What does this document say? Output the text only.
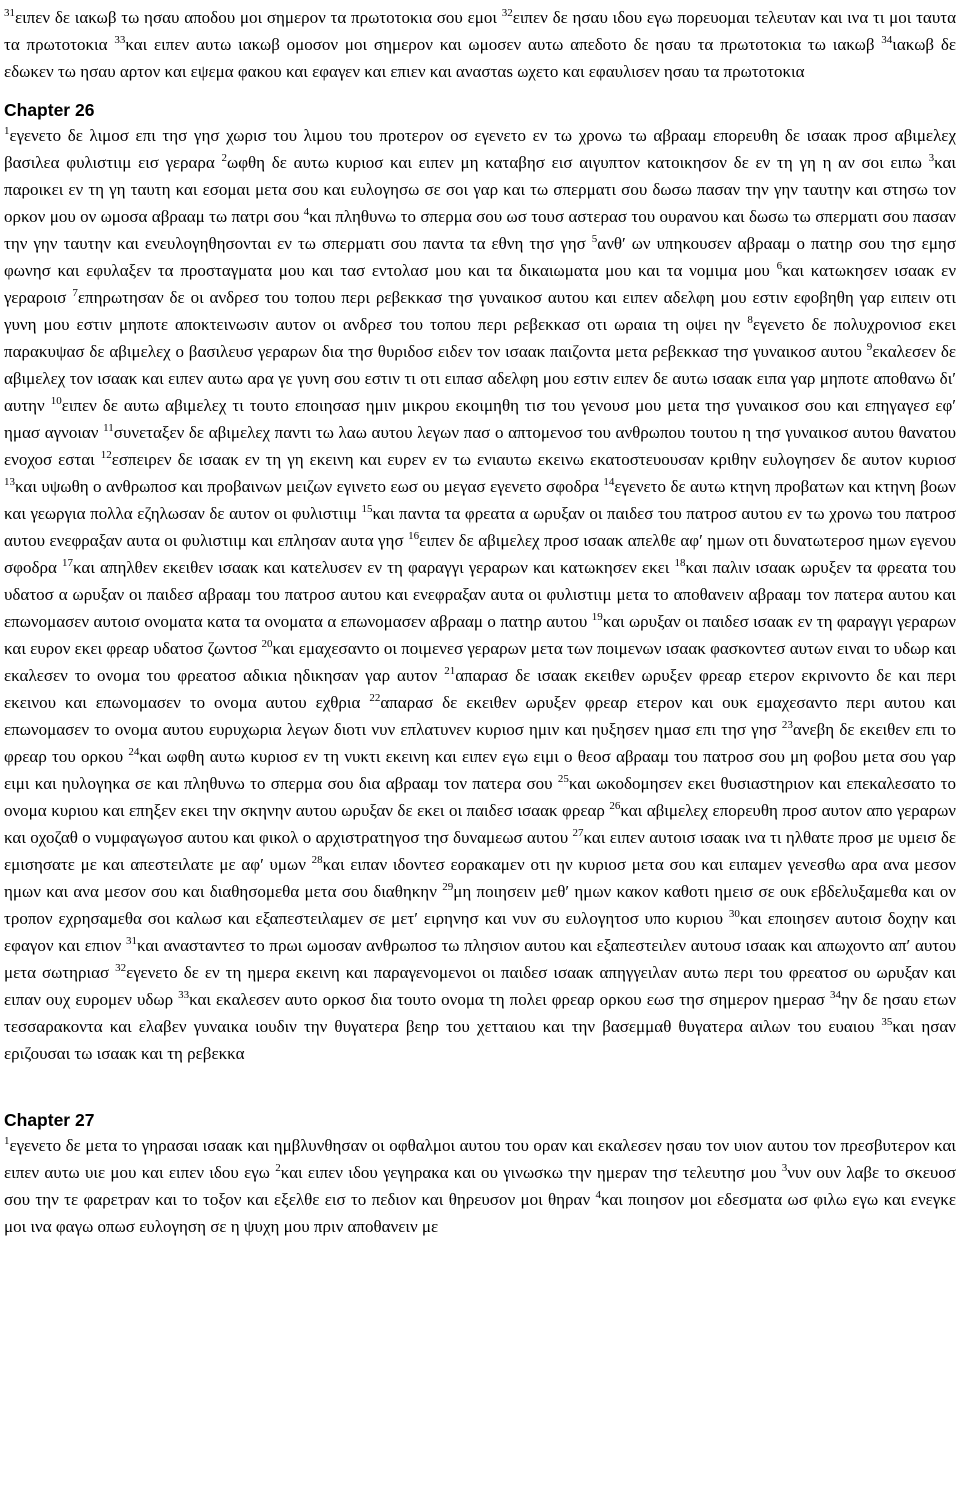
$^{31}$ειπεν δε ιακωβ τω ησαυ αποδου μοι σημερον τα πρωτοτοκια σου εμοι $^{32}$ειπεν δε ησαυ ιδου εγω πορευομαι τελευταν και ινα τι μοι ταυτα τα πρωτοτοκια $^{33}$και ειπεν αυτω ιακωβ ομοσον μοι σημερον και ωμοσεν αυτω απεδοτο δε ησαυ τα πρωτοτοκια τω ιακωβ $^{34}$ιακωβ δε εδωκεν τω ησαυ αρτον και εψεμα φακου και εφαγεν και επιεν και ανασταs ωχετο και εφαυλισεν ησαυ τα πρωτοτοκια

Chapter 26

$^1$εγενετο δε λιμοσ επι τησ γησ χωρισ του λιμου του προτερον οσ εγενετο εν τω χρονω τω αβρααμ επορευθη δε ισαακ προσ αβιμελεχ βασιλεα φυλιστιιμ εισ γεραρα $^2$ωφθη δε αυτω κυριοσ και ειπεν μη καταβησ εισ αιγυπτον κατοικησον δε εν τη γη η αν σοι ειπω $^3$και παροικει εν τη γη ταυτη και εσομαι μετα σου και ευλογησω σε σοι γαρ και τω σπερματι σου δωσω πασαν την γην ταυτην και στησω τον ορκον μου ον ωμοσα αβρααμ τω πατρι σου $^4$και πληθυνω το σπερμα σου ωσ τουσ αστερασ του ουρανου και δωσω τω σπερματι σου πασαν την γην ταυτην και ενευλογηθησονται εν τω σπερματι σου παντα τα εθνη τησ γησ $^5$ανθ′ ων υπηκουσεν αβρααμ ο πατηρ σου τησ εμησ φωνησ και εφυλαξεν τα προσταγματα μου και τασ εντολασ μου και τα δικαιωματα μου και τα νομιμα μου $^6$και κατωκησεν ισαακ εν γεραροισ $^7$επηρωτησαν δε οι ανδρεσ του τοπου περι ρεβεκκασ τησ γυναικοσ αυτου και ειπεν αδελφη μου εστιν εφοβηθη γαρ ειπειν οτι γυνη μου εστιν μηποτε αποκτεινωσιν αυτον οι ανδρεσ του τοπου περι ρεβεκκασ οτι ωραια τη οψει ην $^8$εγενετο δε πολυχρονιοσ εκει παρακυψασ δε αβιμελεχ ο βασιλευσ γεραρων δια τησ θυριδοσ ειδεν τον ισαακ παιζοντα μετα ρεβεκκασ τησ γυναικοσ αυτου $^9$εκαλεσεν δε αβιμελεχ τον ισαακ και ειπεν αυτω αρα γε γυνη σου εστιν τι οτι ειπασ αδελφη μου εστιν ειπεν δε αυτω ισαακ ειπα γαρ μηποτε αποθανω δι′ αυτην $^{10}$ειπεν δε αυτω αβιμελεχ τι τουτο εποιησασ ημιν μικρου εκοιμηθη τισ του γενουσ μου μετα τησ γυναικοσ σου και επηγαγεσ εφ′ ημασ αγνοιαν $^{11}$συνεταξεν δε αβιμελεχ παντι τω λαω αυτου λεγων πασ ο απτομενοσ του ανθρωπου τουτου η τησ γυναικοσ αυτου θανατου ενοχοσ εσται $^{12}$εσπειρεν δε ισαακ εν τη γη εκεινη και ευρεν εν τω ενιαυτω εκεινω εκατοστευουσαν κριθην ευλογησεν δε αυτον κυριοσ $^{13}$και υψωθη ο ανθρωποσ και προβαινων μειζων εγινετο εωσ ου μεγασ εγενετο σφοδρα $^{14}$εγενετο δε αυτω κτηνη προβατων και κτηνη βοων και γεωργια πολλα εζηλωσαν δε αυτον οι φυλιστιιμ $^{15}$και παντα τα φρεατα α ωρυξαν οι παιδεσ του πατροσ αυτου εν τω χρονω του πατροσ αυτου ενεφραξαν αυτα οι φυλιστιιμ και επλησαν αυτα γησ $^{16}$ειπεν δε αβιμελεχ προσ ισαακ απελθε αφ′ ημων οτι δυνατωτεροσ ημων εγενου σφοδρα $^{17}$και απηλθεν εκειθεν ισαακ και κατελυσεν εν τη φαραγγι γεραρων και κατωκησεν εκει $^{18}$και παλιν ισαακ ωρυξεν τα φρεατα του υδατοσ α ωρυξαν οι παιδεσ αβρααμ του πατροσ αυτου και ενεφραξαν αυτα οι φυλιστιιμ μετα το αποθανειν αβρααμ τον πατερα αυτου και επωνομασεν αυτοισ ονοματα κατα τα ονοματα α επωνομασεν αβρααμ ο πατηρ αυτου $^{19}$και ωρυξαν οι παιδεσ ισαακ εν τη φαραγγι γεραρων και ευρον εκει φρεαρ υδατοσ ζωντοσ $^{20}$και εμαχεσαντο οι ποιμενεσ γεραρων μετα των ποιμενων ισαακ φασκοντεσ αυτων ειναι το υδωρ και εκαλεσεν το ονομα του φρεατοσ αδικια ηδικησαν γαρ αυτον $^{21}$απαρασ δε ισαακ εκειθεν ωρυξεν φρεαρ ετερον εκρινοντο δε και περι εκεινου και επωνομασεν το ονομα αυτου εχθρια $^{22}$απαρασ δε εκειθεν ωρυξεν φρεαρ ετερον και ουκ εμαχεσαντο περι αυτου και επωνομασεν το ονομα αυτου ευρυχωρια λεγων διοτι νυν επλατυνεν κυριοσ ημιν και ηυξησεν ημασ επι τησ γησ $^{23}$ανεβη δε εκειθεν επι το φρεαρ του ορκου $^{24}$και ωφθη αυτω κυριοσ εν τη νυκτι εκεινη και ειπεν εγω ειμι ο θεοσ αβρααμ του πατροσ σου μη φοβου μετα σου γαρ ειμι και ηυλογηκα σε και πληθυνω το σπερμα σου δια αβρααμ τον πατερα σου $^{25}$και ωκοδομησεν εκει θυσιαστηριον και επεκαλεσατο το ονομα κυριου και επηξεν εκει την σκηνην αυτου ωρυξαν δε εκει οι παιδεσ ισαακ φρεαρ $^{26}$και αβιμελεχ επορευθη προσ αυτον απο γεραρων και οχοζαθ ο νυμφαγωγοσ αυτου και φικολ ο αρχιστρατηγοσ τησ δυναμεωσ αυτου $^{27}$και ειπεν αυτοισ ισαακ ινα τι ηλθατε προσ με υμεισ δε εμισησατε με και απεστειλατε με αφ′ υμων $^{28}$και ειπαν ιδοντεσ εορακαμεν οτι ην κυριοσ μετα σου και ειπαμεν γενεσθω αρα ανα μεσον ημων και ανα μεσον σου και διαθησομεθα μετα σου διαθηκην $^{29}$μη ποιησειν μεθ′ ημων κακον καθοτι ημεισ σε ουκ εβδελυξαμεθα και ον τροπον εχρησαμεθα σοι καλωσ και εξαπεστειλαμεν σε μετ′ ειρηνησ και νυν συ ευλογητοσ υπο κυριου $^{30}$και εποιησεν αυτοισ δοχην και εφαγον και επιον $^{31}$και ανασταντεσ το πρωι ωμοσαν ανθρωποσ τω πλησιον αυτου και εξαπεστειλεν αυτουσ ισαακ και απωχοντο απ′ αυτου μετα σωτηριασ $^{32}$εγενετο δε εν τη ημερα εκεινη και παραγενομενοι οι παιδεσ ισαακ απηγγειλαν αυτω περι του φρεατοσ ου ωρυξαν και ειπαν ουχ ευρομεν υδωρ $^{33}$και εκαλεσεν αυτο ορκοσ δια τουτο ονομα τη πολει φρεαρ ορκου εωσ τησ σημερον ημερασ $^{34}$ην δε ησαυ ετων τεσσαρακοντα και ελαβεν γυναικα ιουδιν την θυγατερα βεηρ του χετταιου και την βασεμμαθ θυγατερα αιλων του ευαιου $^{35}$και ησαν εριζουσαι τω ισαακ και τη ρεβεκκα

Chapter 27

$^1$εγενετο δε μετα το γηρασαι ισαακ και ημβλυνθησαν οι οφθαλμοι αυτου του οραν και εκαλεσεν ησαυ τον υιον αυτου τον πρεσβυτερον και ειπεν αυτω υιε μου και ειπεν ιδου εγω $^2$και ειπεν ιδου γεγηρακα και ου γινωσκω την ημεραν τησ τελευτησ μου $^3$νυν ουν λαβε το σκευοσ σου την τε φαρετραν και το τοξον και εξελθε εισ το πεδιον και θηρευσον μοι θηραν $^4$και ποιησον μοι εδεσματα ωσ φιλω εγω και ενεγκε μοι ινα φαγω οπωσ ευλογηση σε η ψυχη μου πριν αποθανειν με
